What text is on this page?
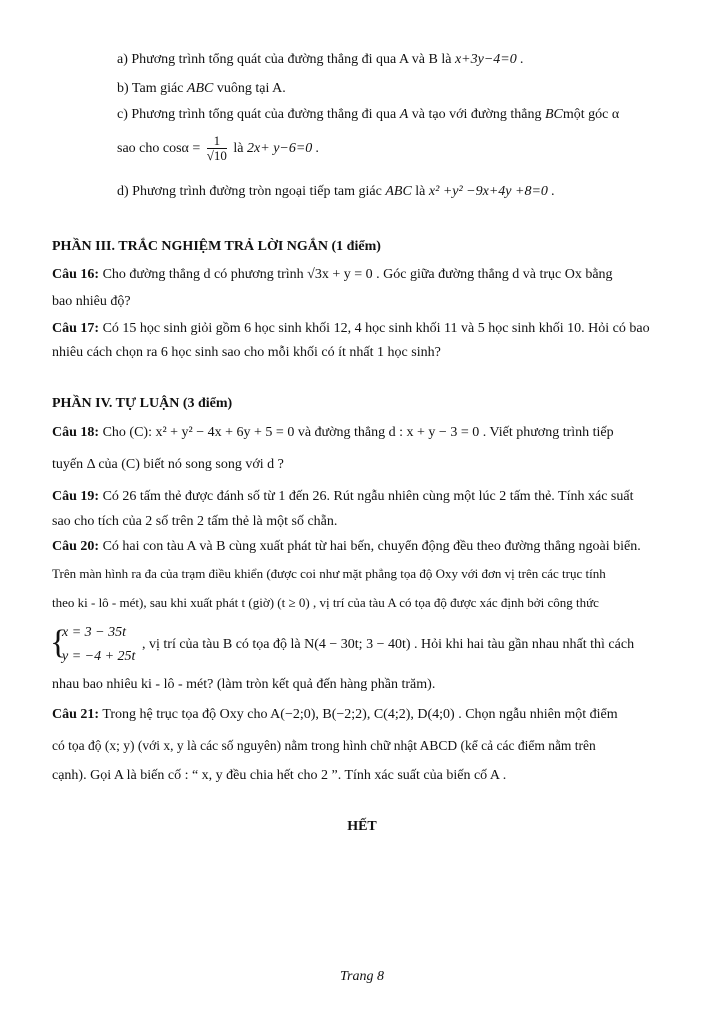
a) Phương trình tổng quát của đường thẳng đi qua A và B là x+3y−4=0 .
b) Tam giác ABC vuông tại A.
c) Phương trình tổng quát của đường thẳng đi qua A và tạo với đường thẳng BCmột góc α
sao cho $\cos\alpha = \frac{1}{√10}$ là 2x+ y−6=0 .
d) Phương trình đường tròn ngoại tiếp tam giác ABC là x² +y² −9x+4y +8=0 .
PHẦN III. TRẮC NGHIỆM TRẢ LỜI NGẮN (1 điểm)
Câu 16: Cho đường thẳng d có phương trình √3x + y = 0 . Góc giữa đường thẳng d và trục Ox bằng
bao nhiêu độ?
Câu 17: Có 15 học sinh giỏi gồm 6 học sinh khối 12, 4 học sinh khối 11 và 5 học sinh khối 10. Hỏi có bao
nhiêu cách chọn ra 6 học sinh sao cho mỗi khối có ít nhất 1 học sinh?
PHẦN IV. TỰ LUẬN (3 điểm)
Câu 18: Cho (C): x² + y² − 4x + 6y + 5 = 0 và đường thẳng d : x + y − 3 = 0 . Viết phương trình tiếp
tuyến Δ của (C) biết nó song song với d ?
Câu 19: Có 26 tấm thẻ được đánh số từ 1 đến 26. Rút ngẫu nhiên cùng một lúc 2 tấm thẻ. Tính xác suất
sao cho tích của 2 số trên 2 tấm thẻ là một số chẵn.
Câu 20: Có hai con tàu A và B cùng xuất phát từ hai bến, chuyển động đều theo đường thẳng ngoài biển.
Trên màn hình ra đa của trạm điều khiển (được coi như mặt phẳng tọa độ Oxy với đơn vị trên các trục tính
theo ki - lô - mét), sau khi xuất phát t (giờ) (t ≥ 0) , vị trí của tàu A có tọa độ được xác định bởi công thức
{
x = 3 − 35t
y = −4 + 25t
, vị trí của tàu B có tọa độ là N(4 − 30t; 3 − 40t) . Hỏi khi hai tàu gần nhau nhất thì cách
nhau bao nhiêu ki - lô - mét? (làm tròn kết quả đến hàng phần trăm).
Câu 21: Trong hệ trục tọa độ Oxy cho A(−2;0), B(−2;2), C(4;2), D(4;0) . Chọn ngẫu nhiên một điểm
có tọa độ (x; y) (với x, y là các số nguyên) nằm trong hình chữ nhật ABCD (kể cả các điểm nằm trên
cạnh). Gọi A là biến cố : “ x, y đều chia hết cho 2 ”. Tính xác suất của biến cố A .
HẾT
Trang 8
